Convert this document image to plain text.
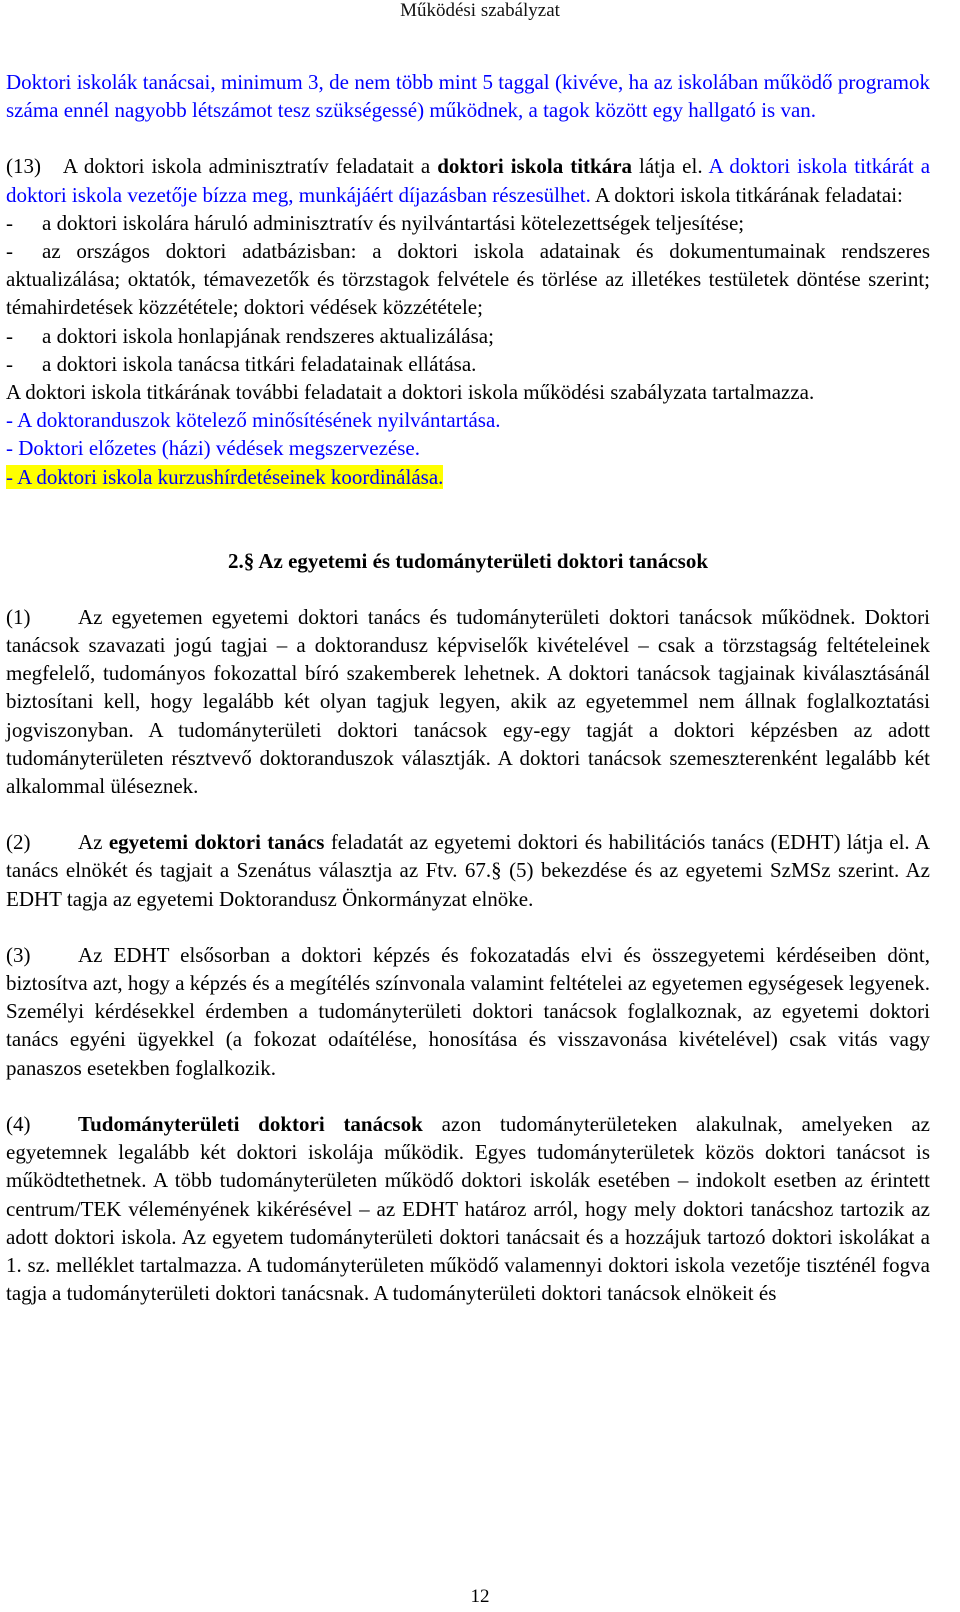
Működési szabályzat

Doktori iskolák tanácsai, minimum 3, de nem több mint 5 taggal (kivéve, ha az iskolában működő programok száma ennél nagyobb létszámot tesz szükségessé) működnek, a tagok között egy hallgató is van.

(13) A doktori iskola adminisztratív feladatait a doktori iskola titkára látja el. A doktori iskola titkárát a doktori iskola vezetője bízza meg, munkájáért díjazásban részesülhet. A doktori iskola titkárának feladatai:

- a doktori iskolára háruló adminisztratív és nyilvántartási kötelezettségek teljesítése;

- az országos doktori adatbázisban: a doktori iskola adatainak és dokumentumainak rendszeres aktualizálása; oktatók, témavezetők és törzstagok felvétele és törlése az illetékes testületek döntése szerint; témahirdetések közzététele; doktori védések közzététele;

- a doktori iskola honlapjának rendszeres aktualizálása;

- a doktori iskola tanácsa titkári feladatainak ellátása.

A doktori iskola titkárának további feladatait a doktori iskola működési szabályzata tartalmazza.

- A doktoranduszok kötelező minősítésének nyilvántartása.

- Doktori előzetes (házi) védések megszervezése.

- A doktori iskola kurzushírdetéseinek koordinálása.

2.§ Az egyetemi és tudományterületi doktori tanácsok

(1) Az egyetemen egyetemi doktori tanács és tudományterületi doktori tanácsok működnek. Doktori tanácsok szavazati jogú tagjai – a doktorandusz képviselők kivételével – csak a törzstagság feltételeinek megfelelő, tudományos fokozattal bíró szakemberek lehetnek. A doktori tanácsok tagjainak kiválasztásánál biztosítani kell, hogy legalább két olyan tagjuk legyen, akik az egyetemmel nem állnak foglalkoztatási jogviszonyban. A tudományterületi doktori tanácsok egy-egy tagját a doktori képzésben az adott tudományterületen résztvevő doktoranduszok választják. A doktori tanácsok szemeszterenként legalább két alkalommal üléseznek.

(2) Az egyetemi doktori tanács feladatát az egyetemi doktori és habilitációs tanács (EDHT) látja el. A tanács elnökét és tagjait a Szenátus választja az Ftv. 67.§ (5) bekezdése és az egyetemi SzMSz szerint. Az EDHT tagja az egyetemi Doktorandusz Önkormányzat elnöke.

(3) Az EDHT elsősorban a doktori képzés és fokozatadás elvi és összegyetemi kérdéseiben dönt, biztosítva azt, hogy a képzés és a megítélés színvonala valamint feltételei az egyetemen egységesek legyenek. Személyi kérdésekkel érdemben a tudományterületi doktori tanácsok foglalkoznak, az egyetemi doktori tanács egyéni ügyekkel (a fokozat odaítélése, honosítása és visszavonása kivételével) csak vitás vagy panaszos esetekben foglalkozik.

(4) Tudományterületi doktori tanácsok azon tudományterületeken alakulnak, amelyeken az egyetemnek legalább két doktori iskolája működik. Egyes tudományterületek közös doktori tanácsot is működtethetnek. A több tudományterületen működő doktori iskolák esetében – indokolt esetben az érintett centrum/TEK véleményének kikérésével – az EDHT határoz arról, hogy mely doktori tanácshoz tartozik az adott doktori iskola. Az egyetem tudományterületi doktori tanácsait és a hozzájuk tartozó doktori iskolákat a 1. sz. melléklet tartalmazza. A tudományterületen működő valamennyi doktori iskola vezetője tiszténél fogva tagja a tudományterületi doktori tanácsnak. A tudományterületi doktori tanácsok elnökeit és

12
